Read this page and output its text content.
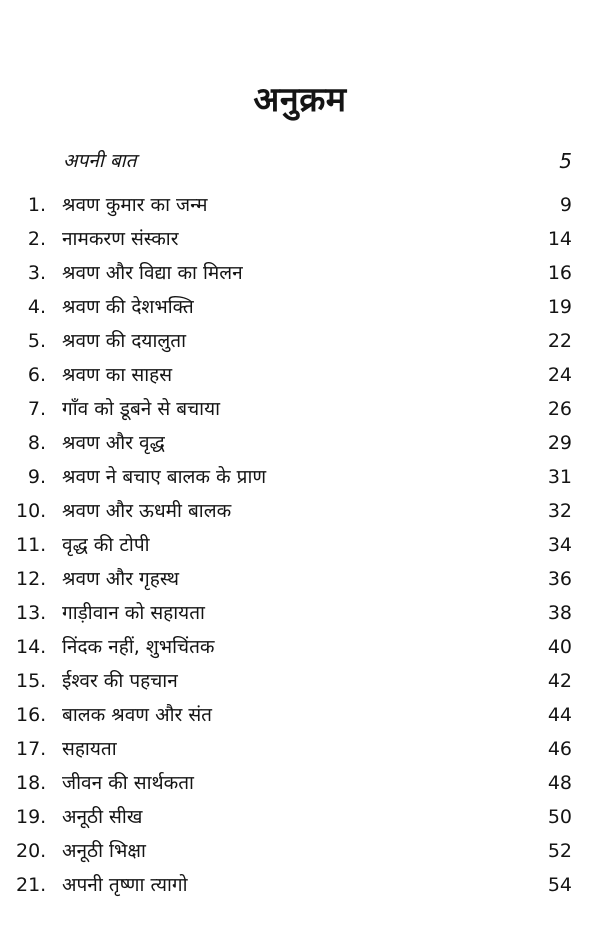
अनुक्रम
अपनी बात	5
1. श्रवण कुमार का जन्म	9
2. नामकरण संस्कार	14
3. श्रवण और विद्या का मिलन	16
4. श्रवण की देशभक्ति	19
5. श्रवण की दयालुता	22
6. श्रवण का साहस	24
7. गाँव को डूबने से बचाया	26
8. श्रवण और वृद्ध	29
9. श्रवण ने बचाए बालक के प्राण	31
10. श्रवण और ऊधमी बालक	32
11. वृद्ध की टोपी	34
12. श्रवण और गृहस्थ	36
13. गाड़ीवान को सहायता	38
14. निंदक नहीं, शुभचिंतक	40
15. ईश्वर की पहचान	42
16. बालक श्रवण और संत	44
17. सहायता	46
18. जीवन की सार्थकता	48
19. अनूठी सीख	50
20. अनूठी भिक्षा	52
21. अपनी तृष्णा त्यागो	54
